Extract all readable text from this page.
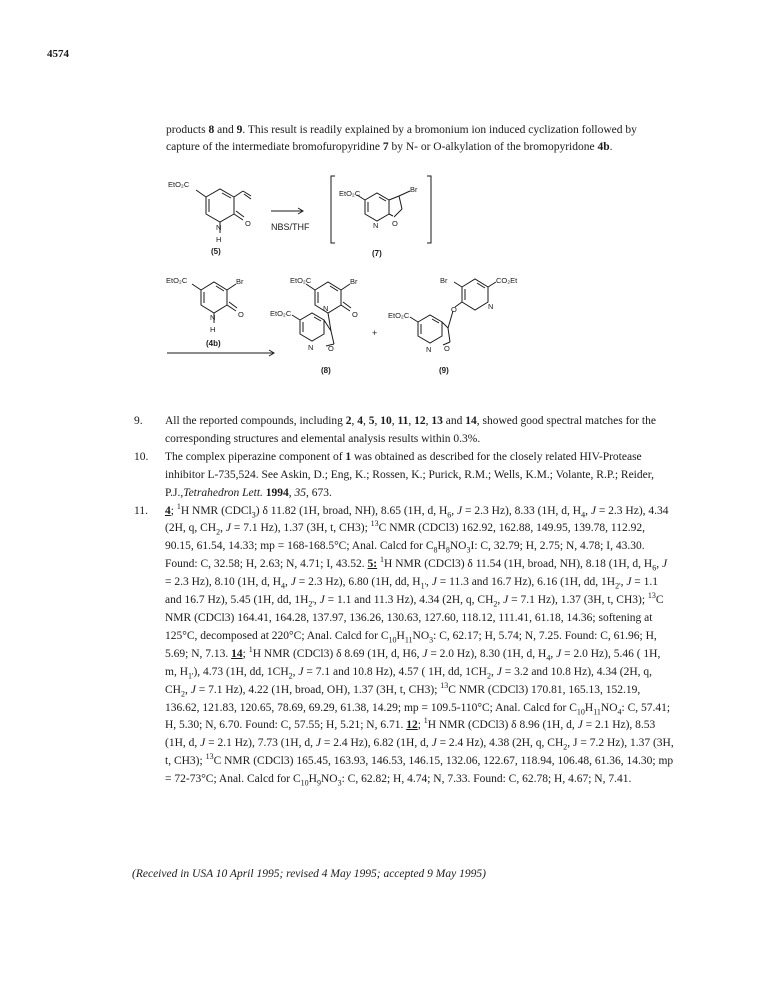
4574
products 8 and 9. This result is readily explained by a bromonium ion induced cyclization followed by capture of the intermediate bromofuropyridine 7 by N- or O-alkylation of the bromopyridone 4b.
EtO₂C
N	O
H
(5)
NBS/THF
EtO₂C	Br
N O
(7)
EtO₂C	Br
N	O
H
(4b)
EtO₂C	Br
N
O
EtO₂C
N O
(8)
+
Br	CO₂Et
O	N
EtO₂C
N O
(9)
9. All the reported compounds, including 2, 4, 5, 10, 11, 12, 13 and 14, showed good spectral matches for the corresponding structures and elemental analysis results within 0.3%.
10. The complex piperazine component of 1 was obtained as described for the closely related HIV-Protease inhibitor L-735,524. See Askin, D.; Eng, K.; Rossen, K.; Purick, R.M.; Wells, K.M.; Volante, R.P.; Reider, P.J.,Tetrahedron Lett. 1994, 35, 673.
11. 4; $^1$H NMR (CDCl$_3$) δ 11.82 (1H, broad, NH), 8.65 (1H, d, $H_6$, J = 2.3 Hz), 8.33 (1H, d, $H_4$, J = 2.3 Hz), 4.34 (2H, q, $CH_2$, J = 7.1 Hz), 1.37 (3H, t, CH3); $^{13}$C NMR (CDCl3) 162.92, 162.88, 149.95, 139.78, 112.92, 90.15, 61.54, 14.33; mp = 168-168.5°C; Anal. Calcd for $C_8H_8NO_3I$: C, 32.79; H, 2.75; N, 4.78; I, 43.30. Found: C, 32.58; H, 2.63; N, 4.71; I, 43.52. 5: $^1$H NMR (CDCl3) δ 11.54 (1H, broad, NH), 8.18 (1H, d, $H_6$, J = 2.3 Hz), 8.10 (1H, d, $H_4$, J = 2.3 Hz), 6.80 (1H, dd, $H_{1'}$, J = 11.3 and 16.7 Hz), 6.16 (1H, dd, $1H_{2'}$, J = 1.1 and 16.7 Hz), 5.45 (1H, dd, $1H_{2'}$, J = 1.1 and 11.3 Hz), 4.34 (2H, q, $CH_2$, J = 7.1 Hz), 1.37 (3H, t, CH3); $^{13}$C NMR (CDCl3) 164.41, 164.28, 137.97, 136.26, 130.63, 127.60, 118.12, 111.41, 61.18, 14.36; softening at 125°C, decomposed at 220°C; Anal. Calcd for $C_{10}H_{11}NO_3$: C, 62.17; H, 5.74; N, 7.25. Found: C, 61.96; H, 5.69; N, 7.13. 14; $^1$H NMR (CDCl3) δ 8.69 (1H, d, H6, J = 2.0 Hz), 8.30 (1H, d, $H_4$, J = 2.0 Hz), 5.46 ( 1H, m, $H_{1'}$), 4.73 (1H, dd, $1CH_2$, J = 7.1 and 10.8 Hz), 4.57 ( 1H, dd, $1CH_2$, J = 3.2 and 10.8 Hz), 4.34 (2H, q, $CH_2$, J = 7.1 Hz), 4.22 (1H, broad, OH), 1.37 (3H, t, CH3); $^{13}$C NMR (CDCl3) 170.81, 165.13, 152.19, 136.62, 121.83, 120.65, 78.69, 69.29, 61.38, 14.29; mp = 109.5-110°C; Anal. Calcd for $C_{10}H_{11}NO_4$: C, 57.41; H, 5.30; N, 6.70. Found: C, 57.55; H, 5.21; N, 6.71. 12; $^1$H NMR (CDCl3) δ 8.96 (1H, d, J = 2.1 Hz), 8.53 (1H, d, J = 2.1 Hz), 7.73 (1H, d, J = 2.4 Hz), 6.82 (1H, d, J = 2.4 Hz), 4.38 (2H, q, $CH_2$, J = 7.2 Hz), 1.37 (3H, t, CH3); $^{13}$C NMR (CDCl3) 165.45, 163.93, 146.53, 146.15, 132.06, 122.67, 118.94, 106.48, 61.36, 14.30; mp = 72-73°C; Anal. Calcd for $C_{10}H_9NO_3$: C, 62.82; H, 4.74; N, 7.33. Found: C, 62.78; H, 4.67; N, 7.41.
(Received in USA 10 April 1995; revised 4 May 1995; accepted 9 May 1995)
